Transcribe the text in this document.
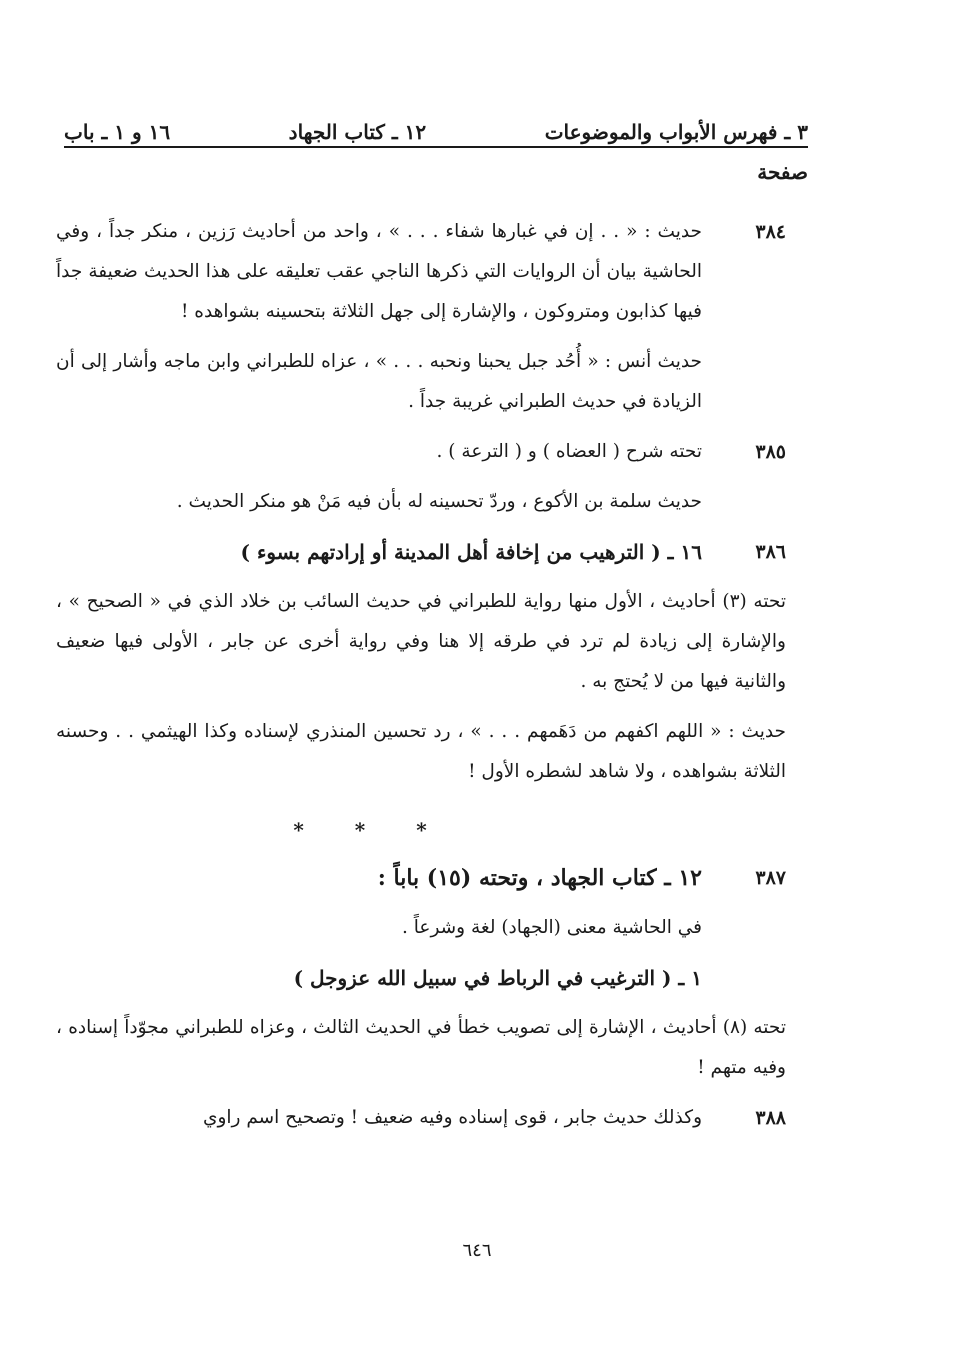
٣ ـ فهرس الأبواب والموضوعات
١٢ ـ كتاب الجهاد
١٦ و ١ ـ باب
صفحة
٣٨٤

حديث : « . . إن في غبارها شفاء . . . » ، واحد من أحاديث رَزين ، منكر جداً ، وفي الحاشية بيان أن الروايات التي ذكرها الناجي عقب تعليقه على هذا الحديث ضعيفة جداً فيها كذابون ومتروكون ، والإشارة إلى جهل الثلاثة بتحسينه بشواهده !

حديث أنس : « أُحُد جبل يحبنا ونحبه . . . » ، عزاه للطبراني وابن ماجه وأشار إلى أن الزيادة في حديث الطبراني غريبة جداً .

٣٨٥

تحته شرح ( العضاه ) و ( الترعة ) .

حديث سلمة بن الأكوع ، وردّ تحسينه له بأن فيه مَنْ هو منكر الحديث .

٣٨٦

١٦ ـ ( الترهيب من إخافة أهل المدينة أو إرادتهم بسوء )

تحته (٣) أحاديث ، الأول منها رواية للطبراني في حديث السائب بن خلاد الذي في « الصحيح » ، والإشارة إلى زيادة لم ترد في طرقه إلا هنا وفي رواية أخرى عن جابر ، الأولى فيها ضعيف والثانية فيها من لا يُحتج به .

حديث : « اللهم اكفهم من دَهَمهم . . . » ، رد تحسين المنذري لإسناده وكذا الهيثمي . . وحسنه الثلاثة بشواهده ، ولا شاهد لشطره الأول !

* * *
٣٨٧

١٢ ـ كتاب الجهاد ، وتحته (١٥) باباً :

في الحاشية معنى (الجهاد) لغة وشرعاً .

١ ـ ( الترغيب في الرباط في سبيل الله عزوجل )

تحته (٨) أحاديث ، الإشارة إلى تصويب خطأ في الحديث الثالث ، وعزاه للطبراني مجوّداً إسناده ، وفيه متهم !

٣٨٨

وكذلك حديث جابر ، قوى إسناده وفيه ضعيف ! وتصحيح اسم راوي

٦٤٦
